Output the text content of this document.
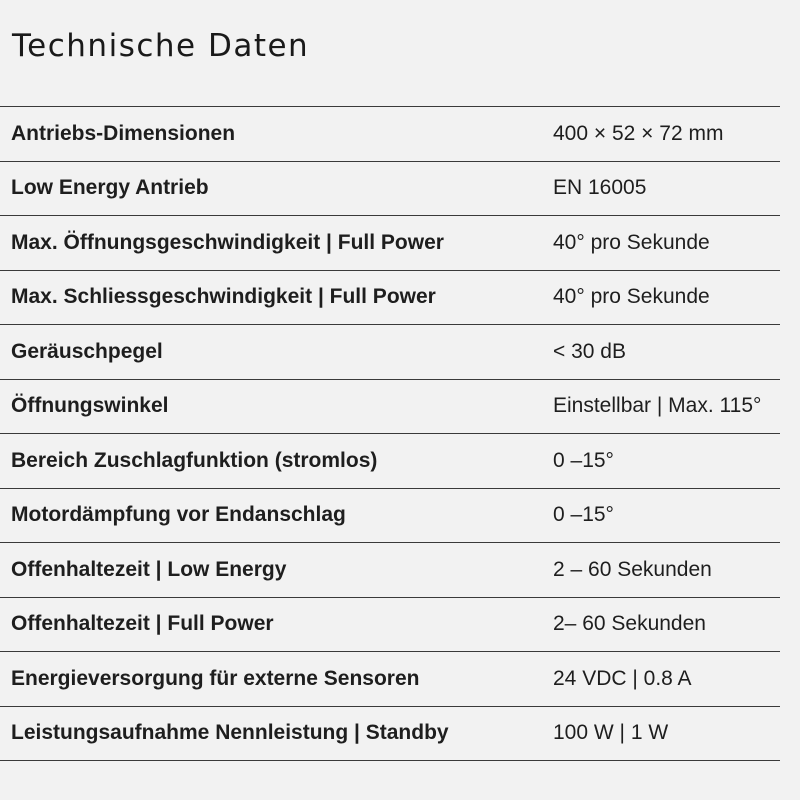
Technische Daten
Antriebs-Dimensionen	400 × 52 × 72 mm
Low Energy Antrieb	EN 16005
Max. Öffnungsgeschwindigkeit | Full Power	40° pro Sekunde
Max. Schliessgeschwindigkeit | Full Power	40° pro Sekunde
Geräuschpegel	< 30 dB
Öffnungswinkel	Einstellbar | Max. 115°
Bereich Zuschlagfunktion (stromlos)	0 –15°
Motordämpfung vor Endanschlag	0 –15°
Offenhaltezeit | Low Energy	2 – 60 Sekunden
Offenhaltezeit | Full Power	2– 60 Sekunden
Energieversorgung für externe Sensoren	24 VDC | 0.8 A
Leistungsaufnahme Nennleistung | Standby	100 W | 1 W
